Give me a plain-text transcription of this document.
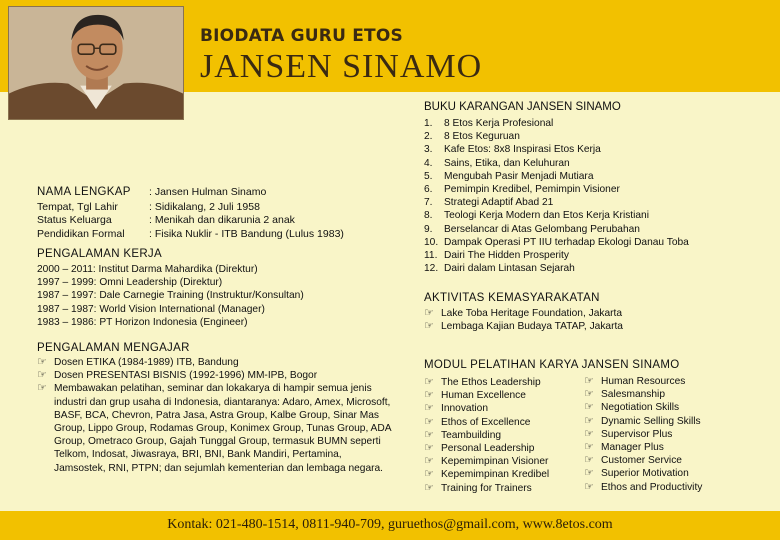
BIODATA GURU ETOS
JANSEN SINAMO
BUKU KARANGAN JANSEN SINAMO
1. 8 Etos Kerja Profesional
2. 8 Etos Keguruan
3. Kafe Etos: 8x8 Inspirasi Etos Kerja
4. Sains, Etika, dan Keluhuran
5. Mengubah Pasir Menjadi Mutiara
6. Pemimpin Kredibel, Pemimpin Visioner
7. Strategi Adaptif Abad 21
8. Teologi Kerja Modern dan Etos Kerja Kristiani
9. Berselancar di Atas Gelombang Perubahan
10. Dampak Operasi PT IIU terhadap Ekologi Danau Toba
11. Dairi The Hidden Prosperity
12. Dairi dalam Lintasan Sejarah
NAMA LENGKAP	: Jansen Hulman Sinamo
Tempat, Tgl Lahir	: Sidikalang, 2 Juli 1958
Status Keluarga	: Menikah dan dikarunia 2 anak
Pendidikan Formal	: Fisika Nuklir - ITB Bandung (Lulus 1983)
PENGALAMAN KERJA
2000 – 2011: Institut Darma Mahardika (Direktur)
1997 – 1999: Omni Leadership (Direktur)
1987 – 1997: Dale Carnegie Training (Instruktur/Konsultan)
1987 – 1987: World Vision International (Manager)
1983 – 1986: PT Horizon Indonesia (Engineer)
PENGALAMAN MENGAJAR
☞ Dosen ETIKA (1984-1989) ITB, Bandung
☞ Dosen PRESENTASI BISNIS (1992-1996) MM-IPB, Bogor
☞ Membawakan pelatihan, seminar dan lokakarya di hampir semua jenis industri dan grup usaha di Indonesia, diantaranya: Adaro, Amex, Microsoft, BASF, BCA, Chevron, Patra Jasa, Astra Group, Kalbe Group, Sinar Mas Group, Lippo Group, Rodamas Group, Konimex Group, Tunas Group, ADA Group, Ometraco Group, Gajah Tunggal Group, termasuk BUMN seperti Telkom, Indosat, Jiwasraya, BRI, BNI, Bank Mandiri, Pertamina, Jamsostek, RNI, PTPN; dan sejumlah kementerian dan lembaga negara.
AKTIVITAS KEMASYARAKATAN
☞ Lake Toba Heritage Foundation, Jakarta
☞ Lembaga Kajian Budaya TATAP, Jakarta
MODUL PELATIHAN KARYA JANSEN SINAMO
☞ The Ethos Leadership
☞ Human Excellence
☞ Innovation
☞ Ethos of Excellence
☞ Teambuilding
☞ Personal Leadership
☞ Kepemimpinan Visioner
☞ Kepemimpinan Kredibel
☞ Training for Trainers
☞ Human Resources
☞ Salesmanship
☞ Negotiation Skills
☞ Dynamic Selling Skills
☞ Supervisor Plus
☞ Manager Plus
☞ Customer Service
☞ Superior Motivation
☞ Ethos and Productivity
Kontak: 021-480-1514, 0811-940-709, guruethos@gmail.com, www.8etos.com
